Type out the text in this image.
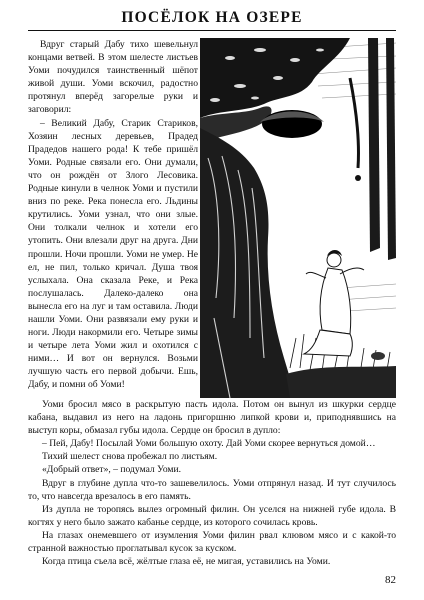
ПОСЁЛОК НА ОЗЕРЕ

Вдруг старый Дабу тихо шевельнул концами ветвей. В этом шелесте листьев Уоми почудился таинственный шёпот живой души. Уоми вскочил, радостно протянул вперёд загорелые руки и заговорил:

– Великий Дабу, Старик Стариков, Хозяин лесных деревьев, Прадед Прадедов нашего рода! К тебе пришёл Уоми. Родные связали его. Они думали, что он рождён от Злого Лесовика. Родные кинули в челнок Уоми и пустили вниз по реке. Река понесла его. Льдины крутились. Уоми узнал, что они злые. Они толкали челнок и хотели его утопить. Они влезали друг на друга. Дни прошли. Ночи прошли. Уоми не умер. Не ел, не пил, только кричал. Душа твоя услыхала. Она сказала Реке, и Река послушалась. Далеко-далеко она вынесла его на луг и там оставила. Люди нашли Уоми. Они развязали ему руки и ноги. Люди накормили его. Четыре зимы и четыре лета Уоми жил и охотился с ними… И вот он вернулся. Возьми лучшую часть его первой добычи. Ешь, Дабу, и помни об Уоми!

Уоми бросил мясо в раскрытую пасть идола. Потом он вынул из шкурки сердце кабана, выдавил из него на ладонь пригоршню липкой крови и, приподнявшись на выступ коры, обмазал губы идола. Сердце он бросил в дупло:

– Пей, Дабу! Посылай Уоми большую охоту. Дай Уоми скорее вернуться домой…

Тихий шелест снова пробежал по листьям.

«Добрый ответ», – подумал Уоми.

Вдруг в глубине дупла что-то зашевелилось. Уоми отпрянул назад. И тут случилось то, что навсегда врезалось в его память.

Из дупла не торопясь вылез огромный филин. Он уселся на нижней губе идола. В когтях у него было зажато кабанье сердце, из которого сочилась кровь.

На глазах онемевшего от изумления Уоми филин рвал клювом мясо и с какой-то странной важностью проглатывал кусок за куском.

Когда птица съела всё, жёлтые глаза её, не мигая, уставились на Уоми.

82
